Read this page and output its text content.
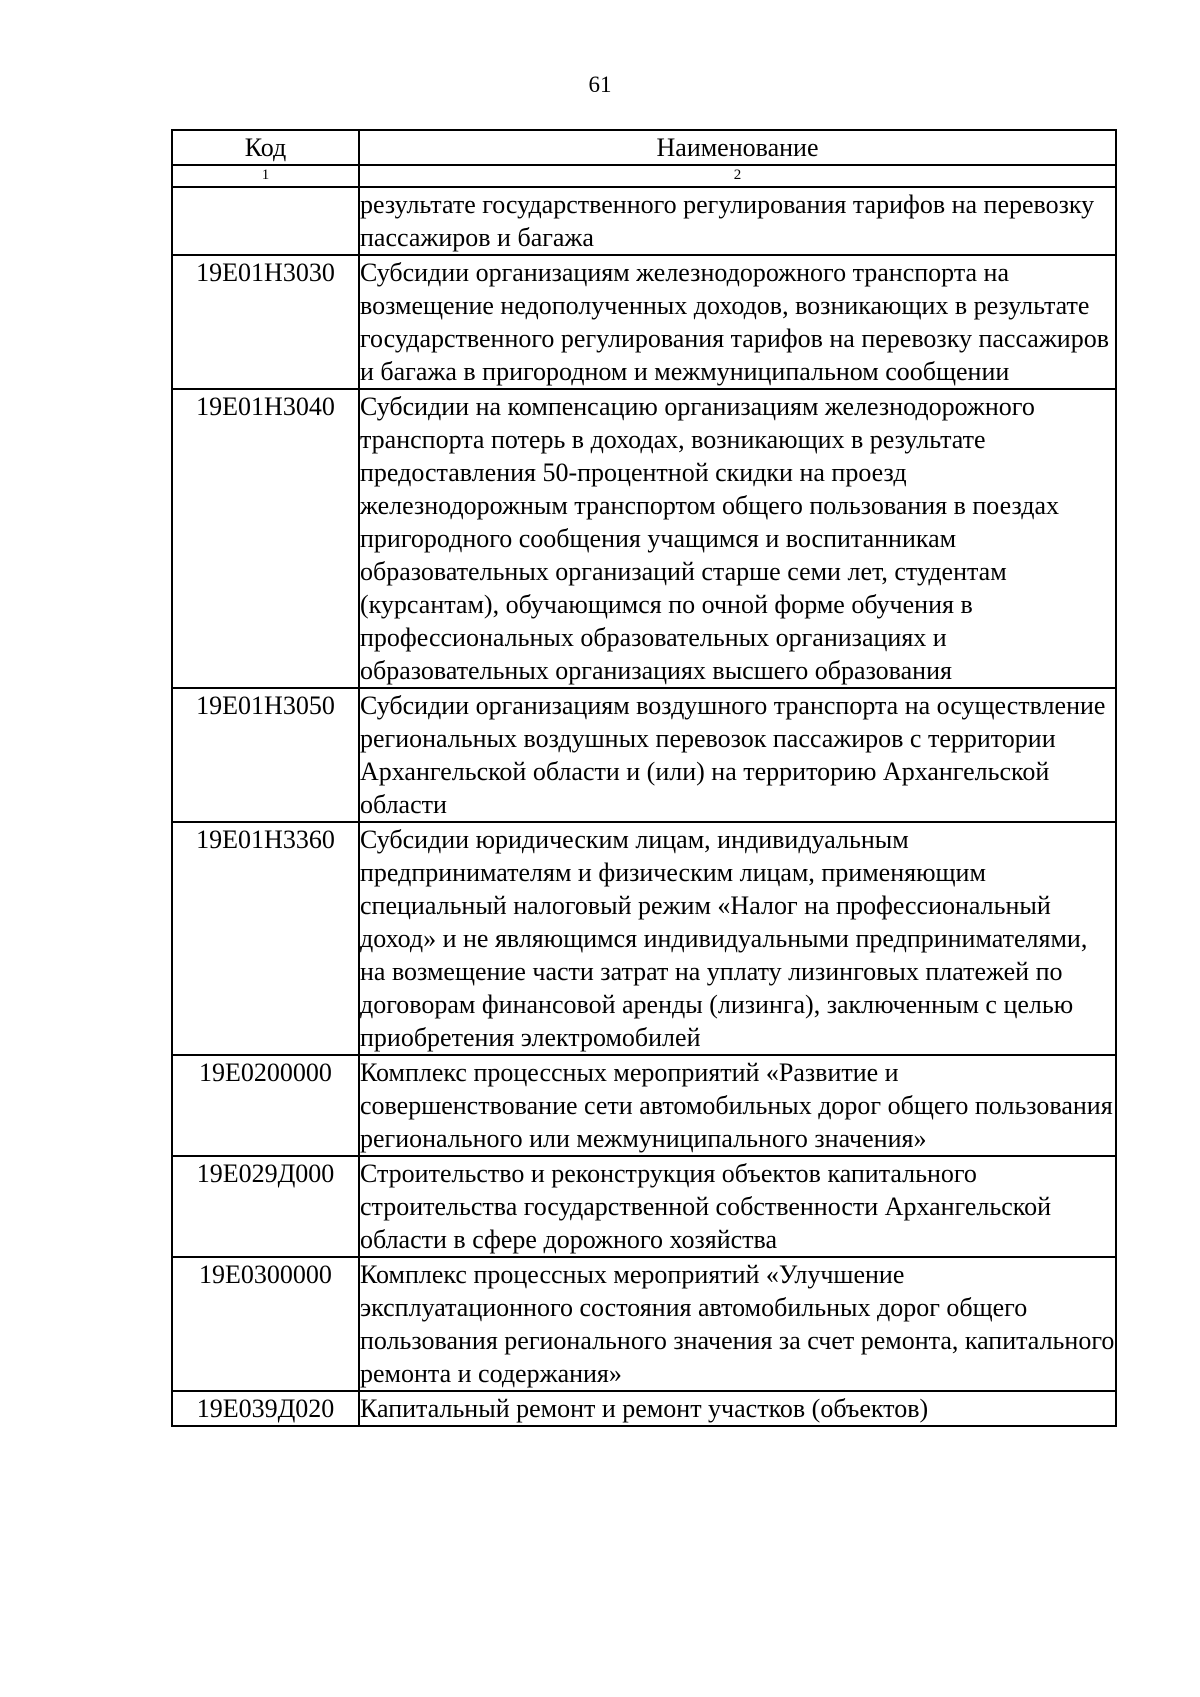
61
Код	Наименование
1	2
	результате государственного регулирования тарифов на перевозку пассажиров и багажа
19Е01Н3030	Субсидии организациям железнодорожного транспорта на возмещение недополученных доходов, возникающих в результате государственного регулирования тарифов на перевозку пассажиров и багажа в пригородном и межмуниципальном сообщении
19Е01Н3040	Субсидии на компенсацию организациям железнодорожного транспорта потерь в доходах, возникающих в результате предоставления 50-процентной скидки на проезд железнодорожным транспортом общего пользования в поездах пригородного сообщения учащимся и воспитанникам образовательных организаций старше семи лет, студентам (курсантам), обучающимся по очной форме обучения в профессиональных образовательных организациях и образовательных организациях высшего образования
19Е01Н3050	Субсидии организациям воздушного транспорта на осуществление региональных воздушных перевозок пассажиров с территории Архангельской области и (или) на территорию Архангельской области
19Е01Н3360	Субсидии юридическим лицам, индивидуальным предпринимателям и физическим лицам, применяющим специальный налоговый режим «Налог на профессиональный доход» и не являющимся индивидуальными предпринимателями, на возмещение части затрат на уплату лизинговых платежей по договорам финансовой аренды (лизинга), заключенным с целью приобретения электромобилей
19Е0200000	Комплекс процессных мероприятий «Развитие и совершенствование сети автомобильных дорог общего пользования регионального или межмуниципального значения»
19Е029Д000	Строительство и реконструкция объектов капитального строительства государственной собственности Архангельской области в сфере дорожного хозяйства
19Е0300000	Комплекс процессных мероприятий «Улучшение эксплуатационного состояния автомобильных дорог общего пользования регионального значения за счет ремонта, капитального ремонта и содержания»
19Е039Д020	Капитальный ремонт и ремонт участков (объектов)
